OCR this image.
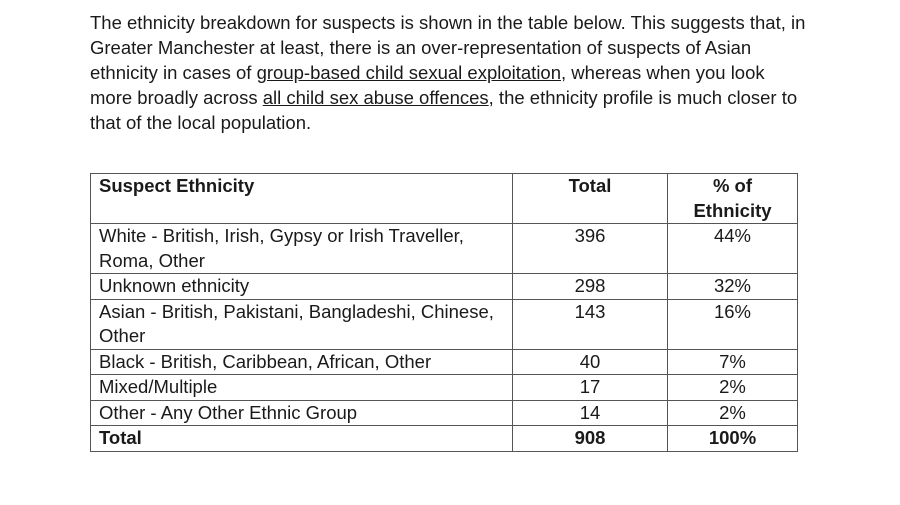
The ethnicity breakdown for suspects is shown in the table below. This suggests that, in Greater Manchester at least, there is an over-representation of suspects of Asian ethnicity in cases of group-based child sexual exploitation, whereas when you look more broadly across all child sex abuse offences, the ethnicity profile is much closer to that of the local population.

Suspect Ethnicity	Total	% of Ethnicity
White - British, Irish, Gypsy or Irish Traveller, Roma, Other	396	44%
Unknown ethnicity	298	32%
Asian - British, Pakistani, Bangladeshi, Chinese, Other	143	16%
Black - British, Caribbean, African, Other	40	7%
Mixed/Multiple	17	2%
Other - Any Other Ethnic Group	14	2%
Total	908	100%
